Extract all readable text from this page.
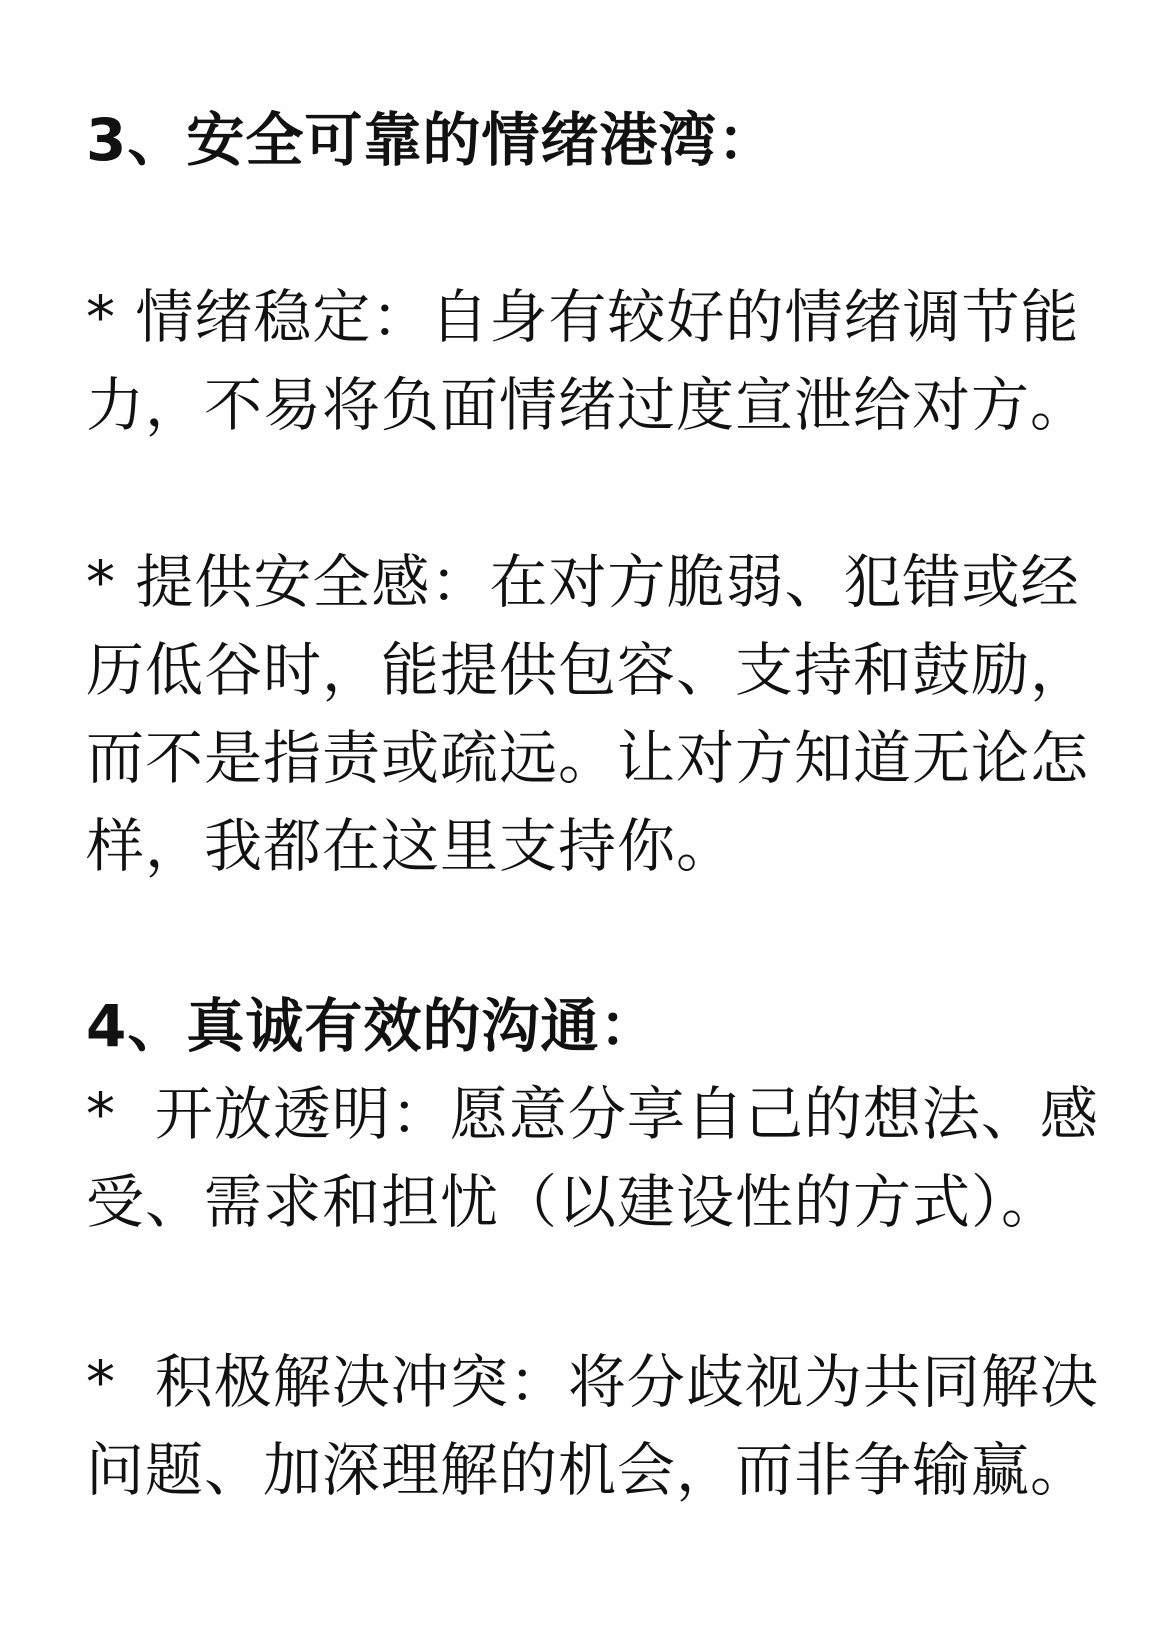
3、安全可靠的情绪港湾：

* 情绪稳定：自身有较好的情绪调节能
力，不易将负面情绪过度宣泄给对方。

* 提供安全感：在对方脆弱、犯错或经
历低谷时，能提供包容、支持和鼓励，
而不是指责或疏远。让对方知道无论怎
样，我都在这里支持你。

4、真诚有效的沟通：

*  开放透明：愿意分享自己的想法、感
受、需求和担忧（以建设性的方式）。

*  积极解决冲突：将分歧视为共同解决
问题、加深理解的机会，而非争输赢。
